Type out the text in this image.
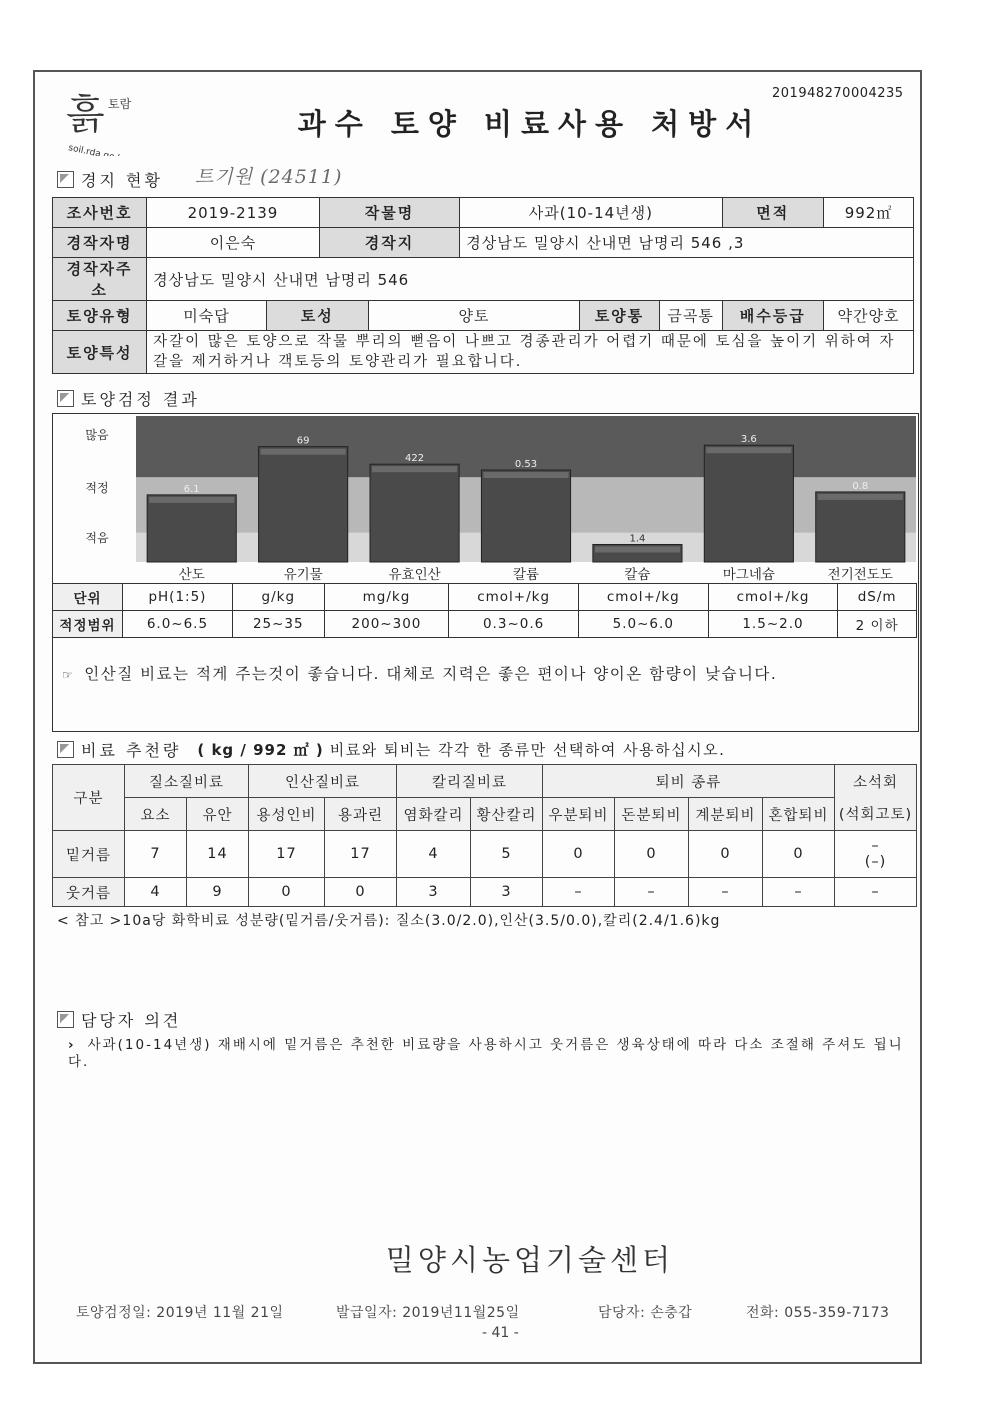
201948270004235
흙 토람
soil.rda.go.kr
과수 토양 비료사용 처방서
경지 현황 트기원 (24511)
조사번호	2019-2139		작물명		사과(10-14년생)			면적	992㎡
경작자명	이은숙		경작지		경상남도 밀양시 산내면 남명리 546 ,3				
경작자주소	경상남도 밀양시 산내면 남명리 546								
토양유형	미숙답	토성		양토		토양통	금곡통	배수등급	약간양호
토양특성	자갈이 많은 토양으로 작물 뿌리의 뻗음이 나쁘고 경종관리가 어렵기 때문에 토심을 높이기 위하여 자갈을 제거하거나 객토등의 토양관리가 필요합니다.								
토양검정 결과
많음
적정
적음
6.1
산도
69
유기물
422
유효인산
0.53
칼륨
1.4
칼슘
3.6
마그네슘
0.8
전기전도도
단위	pH(1:5)	g/kg	mg/kg	cmol+/kg	cmol+/kg	cmol+/kg	dS/m
적정범위	6.0~6.5	25~35	200~300	0.3~0.6	5.0~6.0	1.5~2.0	2 이하
☞ 인산질 비료는 적게 주는것이 좋습니다. 대체로 지력은 좋은 편이나 양이온 함량이 낮습니다.
비료 추천량 ( kg / 992 ㎡ ) 비료와 퇴비는 각각 한 종류만 선택하여 사용하십시오.
구분	질소질비료		인산질비료		칼리질비료		퇴비 종류				소석회
	요소	유안	용성인비	용과린	염화칼리	황산칼리	우분퇴비	돈분퇴비	계분퇴비	혼합퇴비	(석회고토)
밑거름	7	14	17	17	4	5	0	0	0	0	–
(–)

웃거름	4	9	0	0	3	3	–	–	–	–	–
< 참고 >10a당 화학비료 성분량(밑거름/웃거름): 질소(3.0/2.0),인산(3.5/0.0),칼리(2.4/1.6)kg
담당자 의견
› 사과(10-14년생) 재배시에 밑거름은 추천한 비료량을 사용하시고 웃거름은 생육상태에 따라 다소 조절해 주셔도 됩니다.
밀양시농업기술센터
토양검정일: 2019년 11월 21일	발급일자: 2019년11월25일	담당자: 손충갑	전화: 055-359-7173
- 41 -
